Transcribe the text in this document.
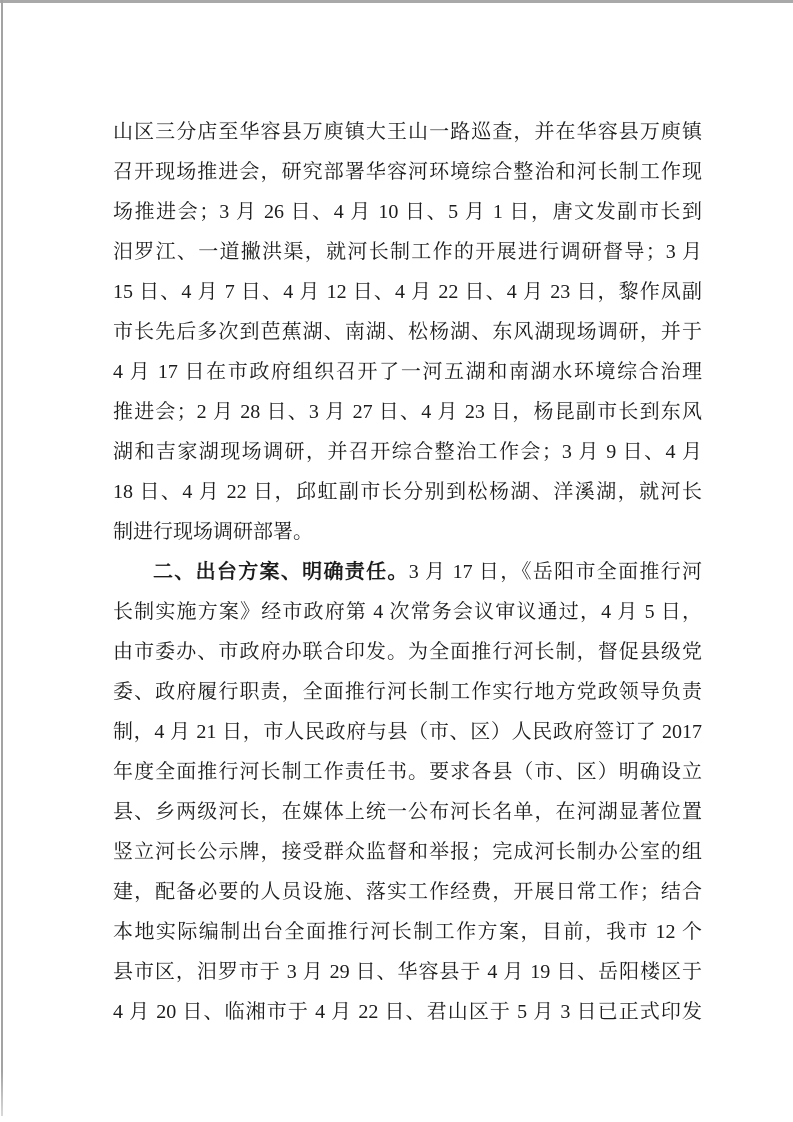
山区三分店至华容县万庾镇大王山一路巡查，并在华容县万庾镇
召开现场推进会，研究部署华容河环境综合整治和河长制工作现
场推进会；3 月 26 日、4 月 10 日、5 月 1 日，唐文发副市长到
汨罗江、一道撇洪渠，就河长制工作的开展进行调研督导；3 月
15 日、4 月 7 日、4 月 12 日、4 月 22 日、4 月 23 日，黎作凤副
市长先后多次到芭蕉湖、南湖、松杨湖、东风湖现场调研，并于
4 月 17 日在市政府组织召开了一河五湖和南湖水环境综合治理
推进会；2 月 28 日、3 月 27 日、4 月 23 日，杨昆副市长到东风
湖和吉家湖现场调研，并召开综合整治工作会；3 月 9 日、4 月
18 日、4 月 22 日，邱虹副市长分别到松杨湖、洋溪湖，就河长
制进行现场调研部署。
二、出台方案、明确责任。3 月 17 日，《岳阳市全面推行河
长制实施方案》经市政府第 4 次常务会议审议通过，4 月 5 日，
由市委办、市政府办联合印发。为全面推行河长制，督促县级党
委、政府履行职责，全面推行河长制工作实行地方党政领导负责
制，4 月 21 日，市人民政府与县（市、区）人民政府签订了 2017
年度全面推行河长制工作责任书。要求各县（市、区）明确设立
县、乡两级河长，在媒体上统一公布河长名单，在河湖显著位置
竖立河长公示牌，接受群众监督和举报；完成河长制办公室的组
建，配备必要的人员设施、落实工作经费，开展日常工作；结合
本地实际编制出台全面推行河长制工作方案，目前，我市 12 个
县市区，汨罗市于 3 月 29 日、华容县于 4 月 19 日、岳阳楼区于
4 月 20 日、临湘市于 4 月 22 日、君山区于 5 月 3 日已正式印发
